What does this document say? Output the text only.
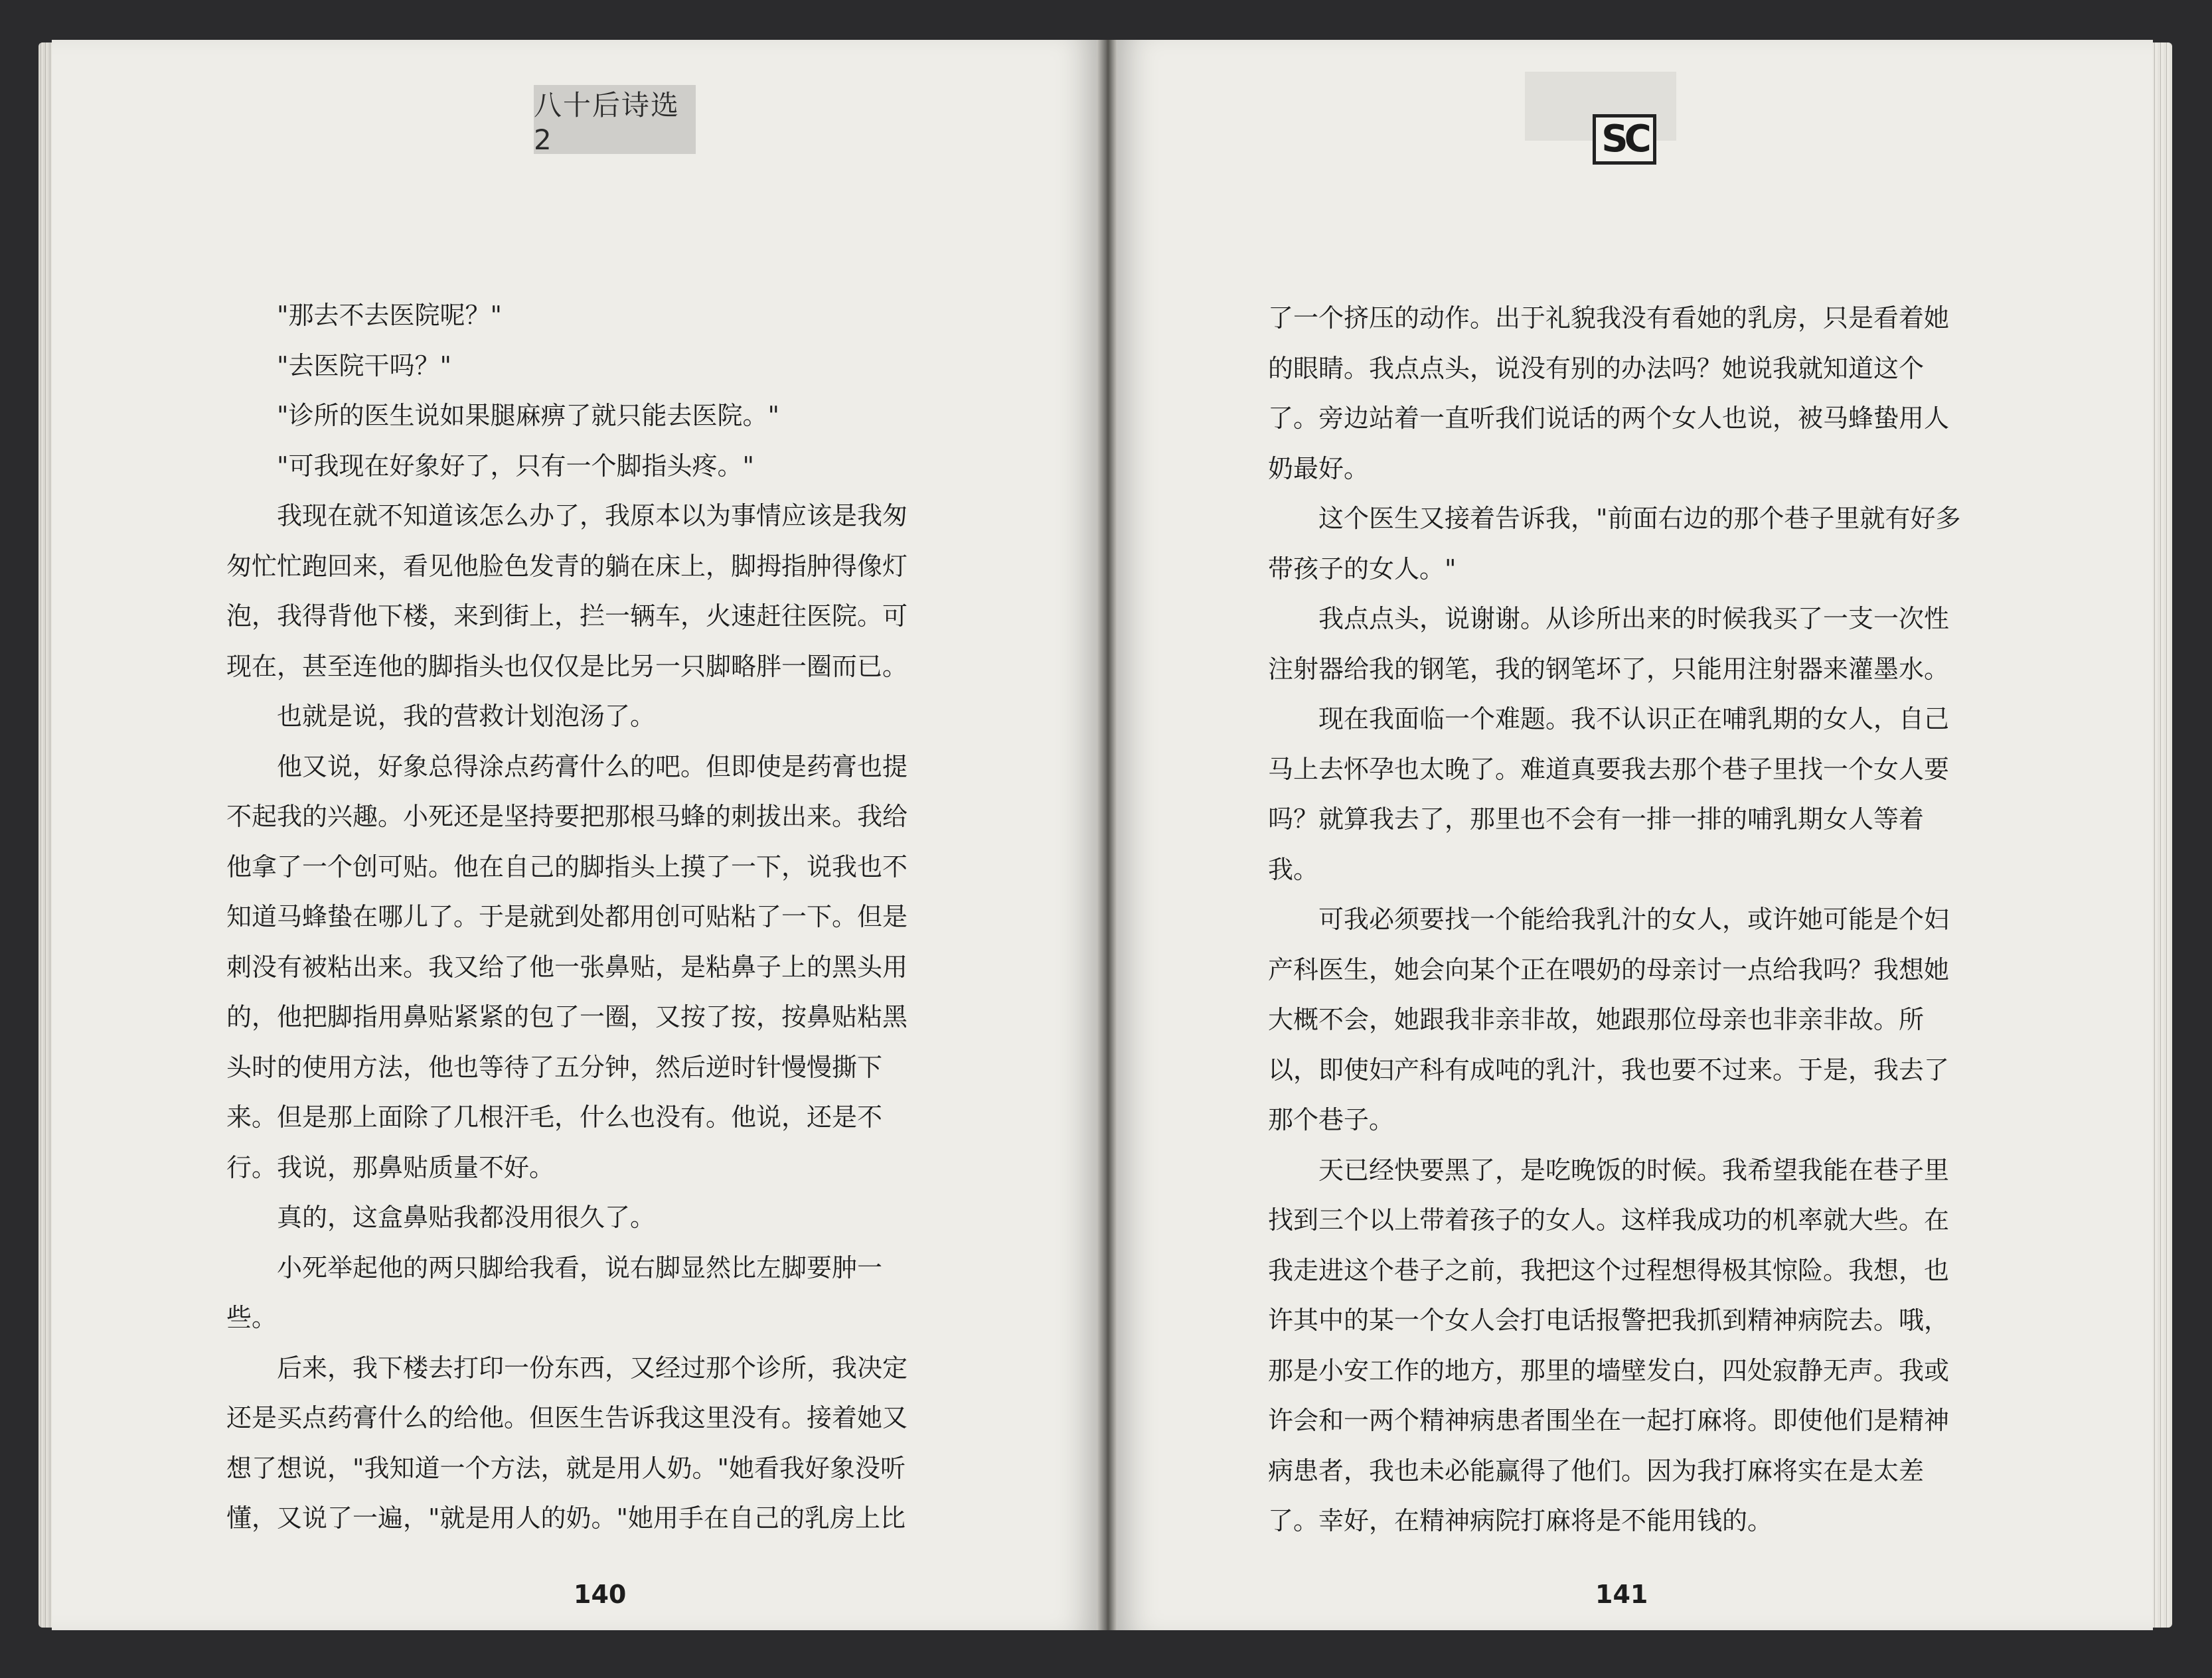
八十后诗选2

"那去不去医院呢？"

"去医院干吗？"

"诊所的医生说如果腿麻痹了就只能去医院。"

"可我现在好象好了，只有一个脚指头疼。"

我现在就不知道该怎么办了，我原本以为事情应该是我匆

匆忙忙跑回来，看见他脸色发青的躺在床上，脚拇指肿得像灯

泡，我得背他下楼，来到街上，拦一辆车，火速赶往医院。可

现在，甚至连他的脚指头也仅仅是比另一只脚略胖一圈而已。

也就是说，我的营救计划泡汤了。

他又说，好象总得涂点药膏什么的吧。但即使是药膏也提

不起我的兴趣。小死还是坚持要把那根马蜂的刺拔出来。我给

他拿了一个创可贴。他在自己的脚指头上摸了一下，说我也不

知道马蜂蛰在哪儿了。于是就到处都用创可贴粘了一下。但是

刺没有被粘出来。我又给了他一张鼻贴，是粘鼻子上的黑头用

的，他把脚指用鼻贴紧紧的包了一圈，又按了按，按鼻贴粘黑

头时的使用方法，他也等待了五分钟，然后逆时针慢慢撕下

来。但是那上面除了几根汗毛，什么也没有。他说，还是不

行。我说，那鼻贴质量不好。

真的，这盒鼻贴我都没用很久了。

小死举起他的两只脚给我看，说右脚显然比左脚要肿一

些。

后来，我下楼去打印一份东西，又经过那个诊所，我决定

还是买点药膏什么的给他。但医生告诉我这里没有。接着她又

想了想说，"我知道一个方法，就是用人奶。"她看我好象没听

懂，又说了一遍，"就是用人的奶。"她用手在自己的乳房上比

140
SC

了一个挤压的动作。出于礼貌我没有看她的乳房，只是看着她

的眼睛。我点点头，说没有别的办法吗？她说我就知道这个

了。旁边站着一直听我们说话的两个女人也说，被马蜂蛰用人

奶最好。

这个医生又接着告诉我，"前面右边的那个巷子里就有好多

带孩子的女人。"

我点点头，说谢谢。从诊所出来的时候我买了一支一次性

注射器给我的钢笔，我的钢笔坏了，只能用注射器来灌墨水。

现在我面临一个难题。我不认识正在哺乳期的女人，自己

马上去怀孕也太晚了。难道真要我去那个巷子里找一个女人要

吗？就算我去了，那里也不会有一排一排的哺乳期女人等着

我。

可我必须要找一个能给我乳汁的女人，或许她可能是个妇

产科医生，她会向某个正在喂奶的母亲讨一点给我吗？我想她

大概不会，她跟我非亲非故，她跟那位母亲也非亲非故。所

以，即使妇产科有成吨的乳汁，我也要不过来。于是，我去了

那个巷子。

天已经快要黑了，是吃晚饭的时候。我希望我能在巷子里

找到三个以上带着孩子的女人。这样我成功的机率就大些。在

我走进这个巷子之前，我把这个过程想得极其惊险。我想，也

许其中的某一个女人会打电话报警把我抓到精神病院去。哦，

那是小安工作的地方，那里的墙壁发白，四处寂静无声。我或

许会和一两个精神病患者围坐在一起打麻将。即使他们是精神

病患者，我也未必能赢得了他们。因为我打麻将实在是太差

了。幸好，在精神病院打麻将是不能用钱的。

141
